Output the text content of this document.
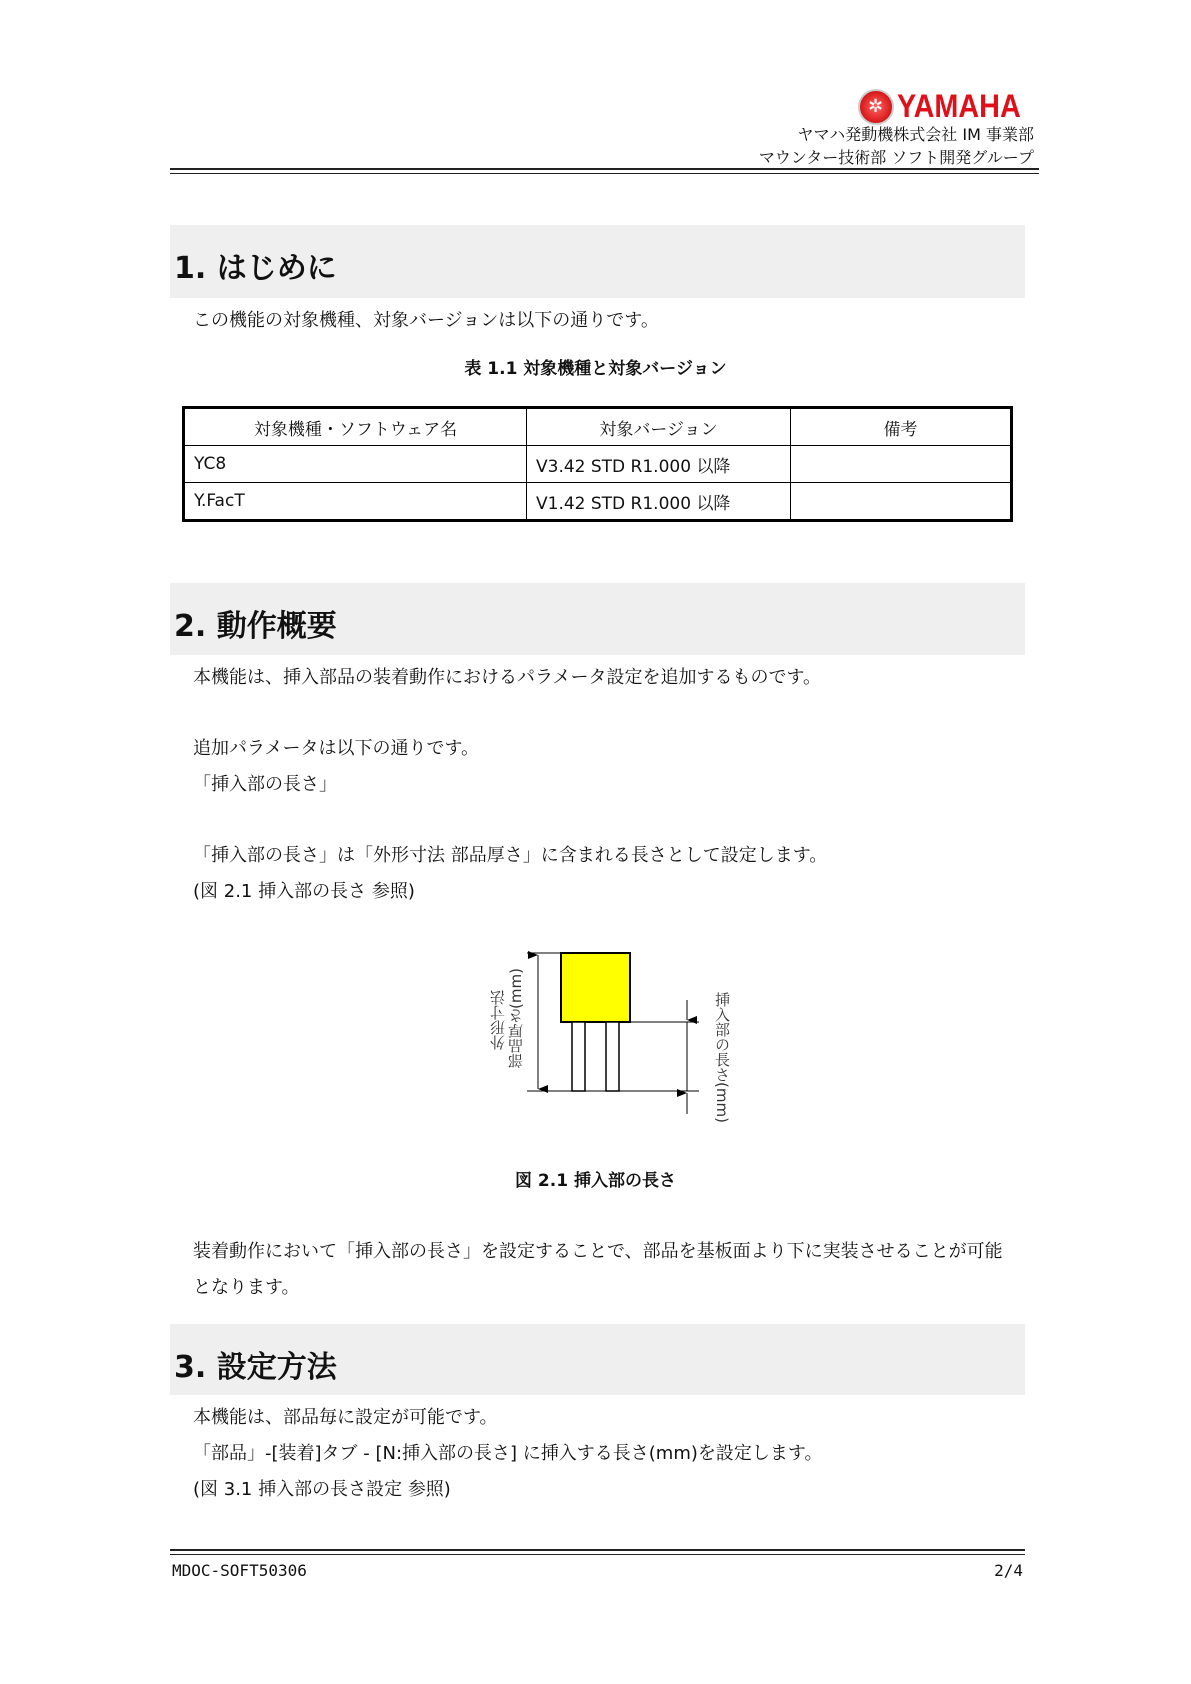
✲ YAMAHA
ヤマハ発動機株式会社 IM 事業部
マウンター技術部 ソフト開発グループ
1. はじめに
この機能の対象機種、対象バージョンは以下の通りです。
表 1.1 対象機種と対象バージョン
対象機種・ソフトウェア名	対象バージョン	備考
YC8	V3.42 STD R1.000 以降	
Y.FacT	V1.42 STD R1.000 以降	
2. 動作概要
本機能は、挿入部品の装着動作におけるパラメータ設定を追加するものです。
追加パラメータは以下の通りです。
「挿入部の長さ」
「挿入部の長さ」は「外形寸法 部品厚さ」に含まれる長さとして設定します。
(図 2.1 挿入部の長さ 参照)
外形寸法 部品厚さ(mm)	挿入部の長さ(mm)
図 2.1 挿入部の長さ
装着動作において「挿入部の長さ」を設定することで、部品を基板面より下に実装させることが可能
となります。
3. 設定方法
本機能は、部品毎に設定が可能です。
「部品」-[装着]タブ - [N:挿入部の長さ] に挿入する長さ(mm)を設定します。
(図 3.1 挿入部の長さ設定 参照)
MDOC-SOFT50306	2/4
